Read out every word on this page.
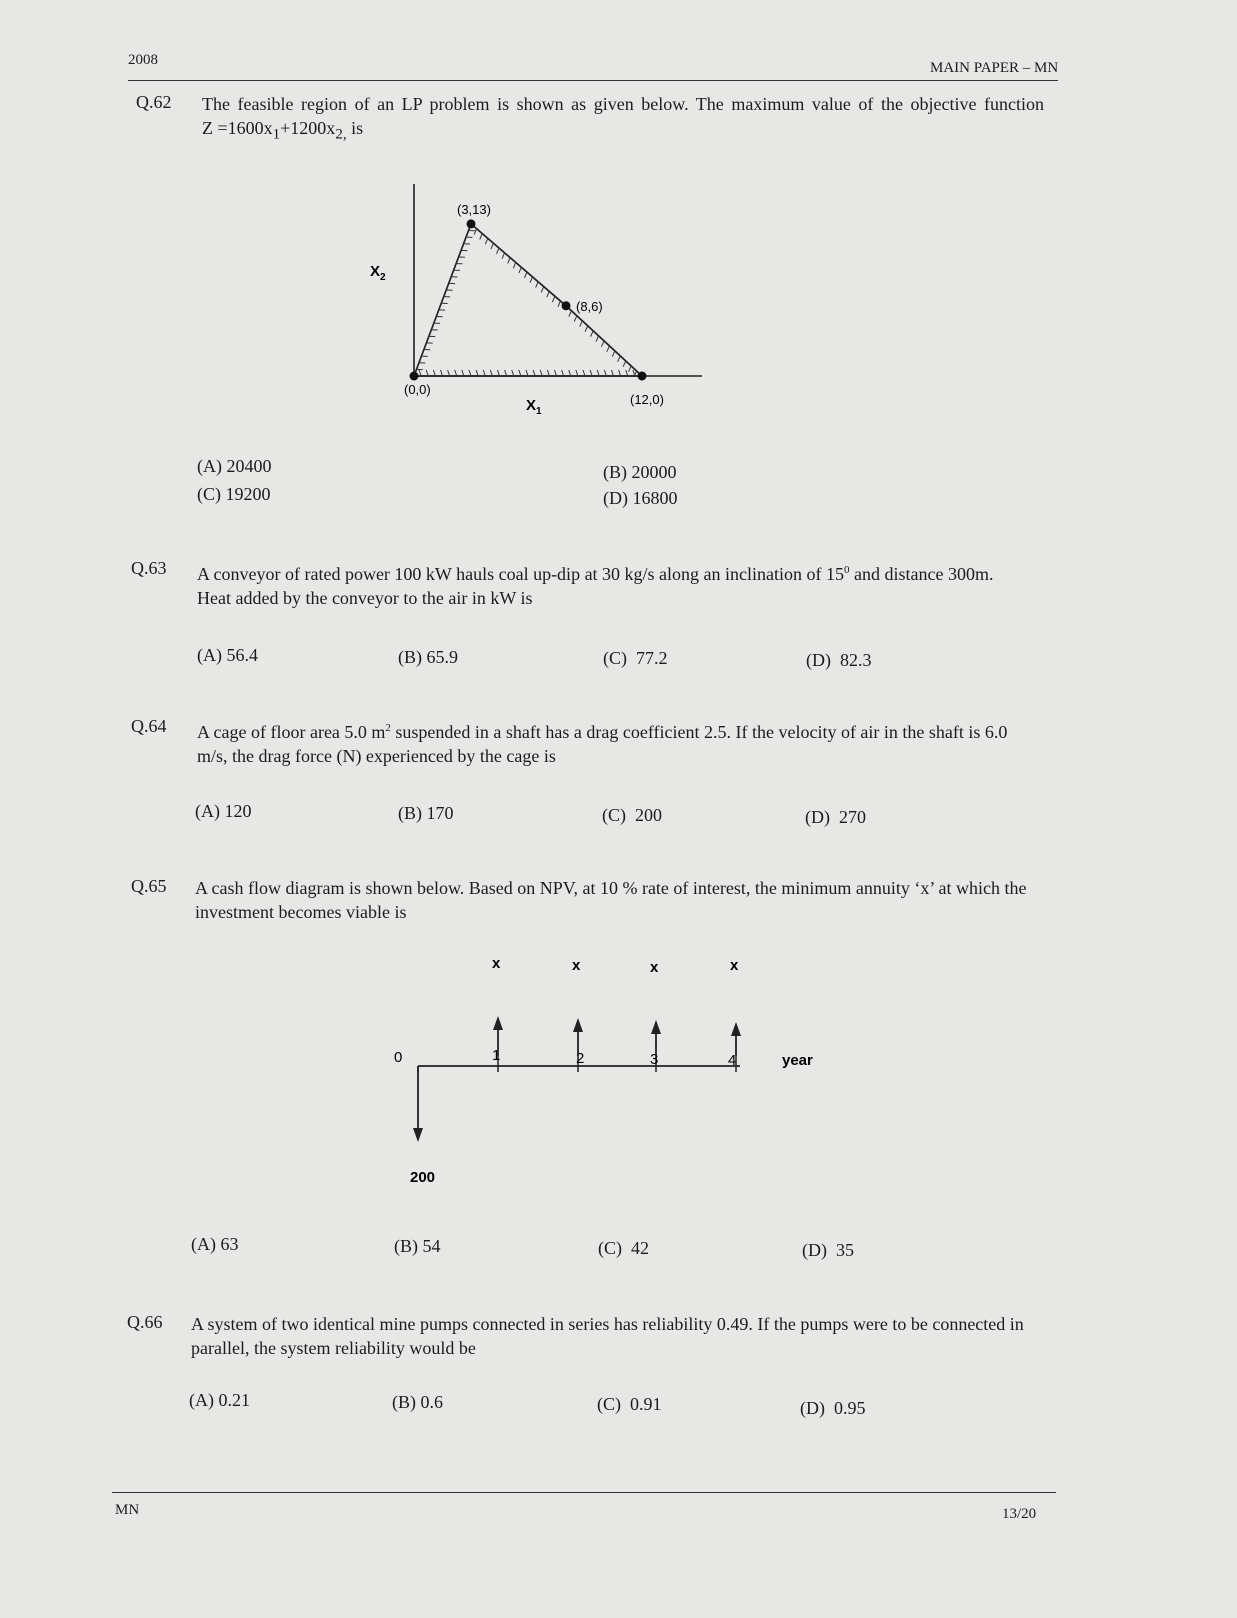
2008	MAIN PAPER – MN
Q.62 The feasible region of an LP problem is shown as given below. The maximum value of the objective function $Z =1600x_1+1200x_{2,}$ is
(0,0)
(3,13)
(8,6)
(12,0)
$X_2$
$X_1$
(A) 20400	(B) 20000
(C) 19200	(D) 16800
Q.63 A conveyor of rated power 100 kW hauls coal up-dip at 30 kg/s along an inclination of $15^0$ and distance 300m. Heat added by the conveyor to the air in kW is
(A) 56.4	(B) 65.9	(C)  77.2	(D)  82.3
Q.64 A cage of floor area 5.0 $m^2$ suspended in a shaft has a drag coefficient 2.5. If the velocity of air in the shaft is 6.0 m/s, the drag force (N) experienced by the cage is
(A) 120	(B) 170	(C)  200	(D)  270
Q.65 A cash flow diagram is shown below. Based on NPV, at 10 % rate of interest, the minimum annuity ‘x’ at which the investment becomes viable is
0	1	2	3	4	year
x	x	x	x
200
(A) 63	(B) 54	(C)  42	(D)  35
Q.66 A system of two identical mine pumps connected in series has reliability 0.49. If the pumps were to be connected in parallel, the system reliability would be
(A) 0.21	(B) 0.6	(C)  0.91	(D)  0.95
MN	13/20
